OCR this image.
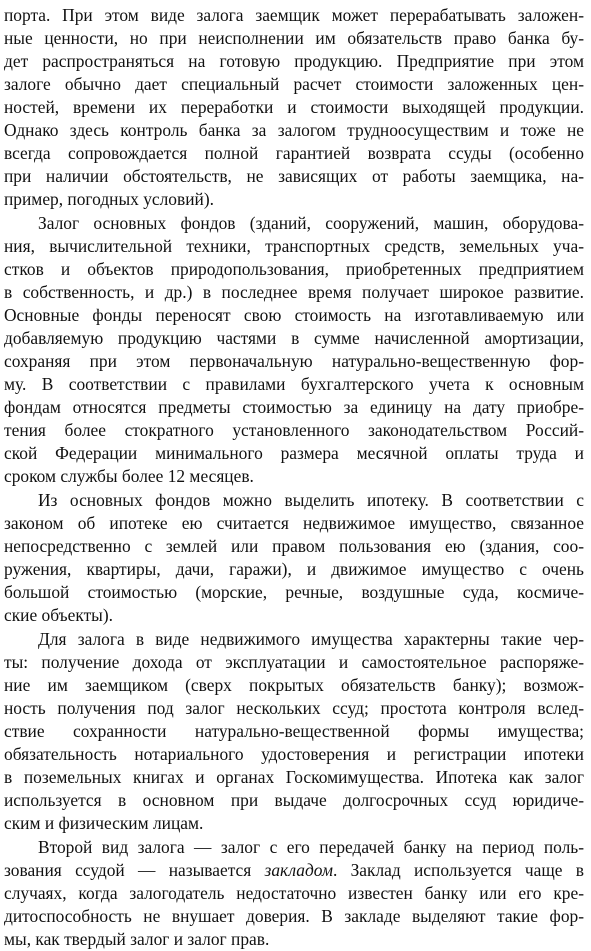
порта. При этом виде залога заемщик может перерабатывать заложен-
ные ценности, но при неисполнении им обязательств право банка бу-
дет распространяться на готовую продукцию. Предприятие при этом
залоге обычно дает специальный расчет стоимости заложенных цен-
ностей, времени их переработки и стоимости выходящей продукции.
Однако здесь контроль банка за залогом трудноосуществим и тоже не
всегда сопровождается полной гарантией возврата ссуды (особенно
при наличии обстоятельств, не зависящих от работы заемщика, на-
пример, погодных условий).

Залог основных фондов (зданий, сооружений, машин, оборудова-
ния, вычислительной техники, транспортных средств, земельных уча-
стков и объектов природопользования, приобретенных предприятием
в собственность, и др.) в последнее время получает широкое развитие.
Основные фонды переносят свою стоимость на изготавливаемую или
добавляемую продукцию частями в сумме начисленной амортизации,
сохраняя при этом первоначальную натурально-вещественную фор-
му. В соответствии с правилами бухгалтерского учета к основным
фондам относятся предметы стоимостью за единицу на дату приобре-
тения более стократного установленного законодательством Россий-
ской Федерации минимального размера месячной оплаты труда и
сроком службы более 12 месяцев.

Из основных фондов можно выделить ипотеку. В соответствии с
законом об ипотеке ею считается недвижимое имущество, связанное
непосредственно с землей или правом пользования ею (здания, соо-
ружения, квартиры, дачи, гаражи), и движимое имущество с очень
большой стоимостью (морские, речные, воздушные суда, космиче-
ские объекты).

Для залога в виде недвижимого имущества характерны такие чер-
ты: получение дохода от эксплуатации и самостоятельное распоряже-
ние им заемщиком (сверх покрытых обязательств банку); возмож-
ность получения под залог нескольких ссуд; простота контроля вслед-
ствие сохранности натурально-вещественной формы имущества;
обязательность нотариального удостоверения и регистрации ипотеки
в поземельных книгах и органах Госкомимущества. Ипотека как залог
используется в основном при выдаче долгосрочных ссуд юридиче-
ским и физическим лицам.

Второй вид залога — залог с его передачей банку на период поль-
зования ссудой — называется закладом. Заклад используется чаще в
случаях, когда залогодатель недостаточно известен банку или его кре-
дитоспособность не внушает доверия. В закладе выделяют такие фор-
мы, как твердый залог и залог прав.
